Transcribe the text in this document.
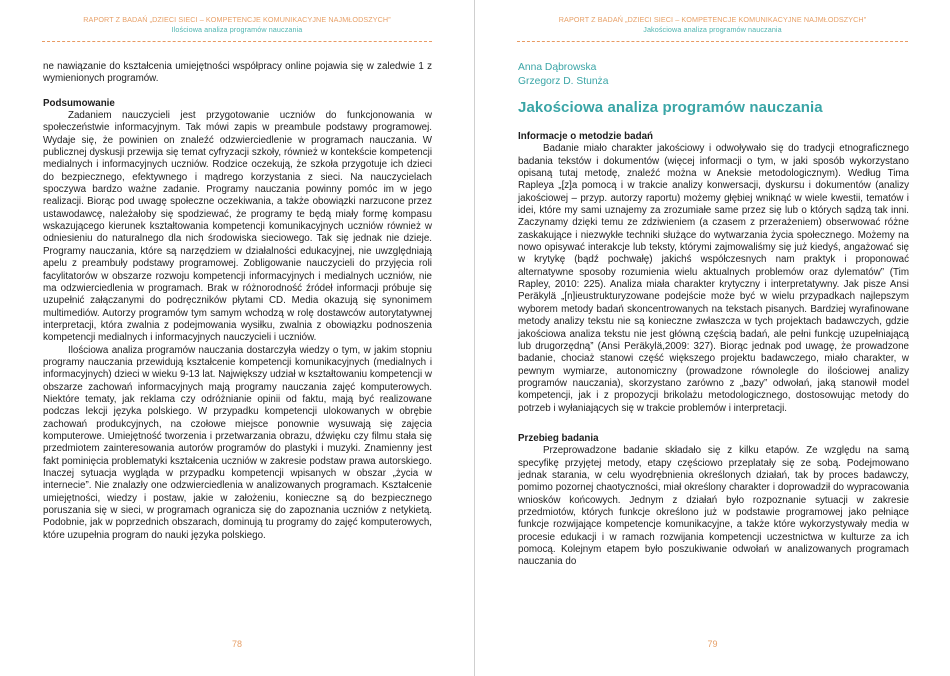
RAPORT Z BADAŃ „DZIECI SIECI – KOMPETENCJE KOMUNIKACYJNE NAJMŁODSZYCH”
Ilościowa analiza programów nauczania

ne nawiązanie do kształcenia umiejętności współpracy online pojawia się w zaledwie 1 z wymienionych programów.

Podsumowanie

Zadaniem nauczycieli jest przygotowanie uczniów do funkcjonowania w społeczeństwie informacyjnym. Tak mówi zapis w preambule podstawy programowej. Wydaje się, że powinien on znaleźć odzwierciedlenie w programach nauczania. W publicznej dyskusji przewija się temat cyfryzacji szkoły, również w kontekście kompetencji medialnych i informacyjnych uczniów. Rodzice oczekują, że szkoła przygotuje ich dzieci do bezpiecznego, efektywnego i mądrego korzystania z sieci. Na nauczycielach spoczywa bardzo ważne zadanie. Programy nauczania powinny pomóc im w jego realizacji. Biorąc pod uwagę społeczne oczekiwania, a także obowiązki narzucone przez ustawodawcę, należałoby się spodziewać, że programy te będą miały formę kompasu wskazującego kierunek kształtowania kompetencji komunikacyjnych uczniów również w odniesieniu do naturalnego dla nich środowiska sieciowego. Tak się jednak nie dzieje. Programy nauczania, które są narzędziem w działalności edukacyjnej, nie uwzględniają apelu z preambuły podstawy programowej. Zobligowanie nauczycieli do przyjęcia roli facylitatorów w obszarze rozwoju kompetencji informacyjnych i medialnych uczniów, nie ma odzwierciedlenia w programach. Brak w różnorodność źródeł informacji próbuje się uzupełnić załączanymi do podręczników płytami CD. Media okazują się synonimem multimediów. Autorzy programów tym samym wchodzą w rolę dostawców autorytatywnej interpretacji, która zwalnia z podejmowania wysiłku, zwalnia z obowiązku podnoszenia kompetencji medialnych i informacyjnych nauczycieli i uczniów.

Ilościowa analiza programów nauczania dostarczyła wiedzy o tym, w jakim stopniu programy nauczania przewidują kształcenie kompetencji komunikacyjnych (medialnych i informacyjnych) dzieci w wieku 9-13 lat. Największy udział w kształtowaniu kompetencji w obszarze zachowań informacyjnych mają programy nauczania zajęć komputerowych. Niektóre tematy, jak reklama czy odróżnianie opinii od faktu, mają być realizowane podczas lekcji języka polskiego. W przypadku kompetencji ulokowanych w obrębie zachowań produkcyjnych, na czołowe miejsce ponownie wysuwają się zajęcia komputerowe. Umiejętność tworzenia i przetwarzania obrazu, dźwięku czy filmu stała się przedmiotem zainteresowania autorów programów do plastyki i muzyki. Znamienny jest fakt pominięcia problematyki kształcenia uczniów w zakresie podstaw prawa autorskiego. Inaczej sytuacja wygląda w przypadku kompetencji wpisanych w obszar „życia w internecie”. Nie znalazły one odzwierciedlenia w analizowanych programach. Kształcenie umiejętności, wiedzy i postaw, jakie w założeniu, konieczne są do bezpiecznego poruszania się w sieci, w programach ogranicza się do zapoznania uczniów z netykietą. Podobnie, jak w poprzednich obszarach, dominują tu programy do zajęć komputerowych, które uzupełnia program do nauki języka polskiego.

78
RAPORT Z BADAŃ „DZIECI SIECI – KOMPETENCJE KOMUNIKACYJNE NAJMŁODSZYCH”
Jakościowa analiza programów nauczania

Anna Dąbrowska

Grzegorz D. Stunża

Jakościowa analiza programów nauczania

Informacje o metodzie badań

Badanie miało charakter jakościowy i odwoływało się do tradycji etnograficznego badania tekstów i dokumentów (więcej informacji o tym, w jaki sposób wykorzystano opisaną tutaj metodę, znaleźć można w Aneksie metodologicznym). Według Tima Rapleya „[z]a pomocą i w trakcie analizy konwersacji, dyskursu i dokumentów (analizy jakościowej – przyp. autorzy raportu) możemy głębiej wniknąć w wiele kwestii, tematów i idei, które my sami uznajemy za zrozumiałe same przez się lub o których sądzą tak inni. Zaczynamy dzięki temu ze zdziwieniem (a czasem z przerażeniem) obserwować różne zaskakujące i niezwykłe techniki służące do wytwarzania życia społecznego. Możemy na nowo opisywać interakcje lub teksty, którymi zajmowaliśmy się już kiedyś, angażować się w krytykę (bądź pochwałę) jakichś współczesnych nam praktyk i proponować alternatywne sposoby rozumienia wielu aktualnych problemów oraz dylematów” (Tim Rapley, 2010: 225). Analiza miała charakter krytyczny i interpretatywny. Jak pisze Ansi Perӓkylӓ „[n]ieustrukturyzowane podejście może być w wielu przypadkach najlepszym wyborem metody badań skoncentrowanych na tekstach pisanych. Bardziej wyrafinowane metody analizy tekstu nie są konieczne zwłaszcza w tych projektach badawczych, gdzie jakościowa analiza tekstu nie jest główną częścią badań, ale pełni funkcję uzupełniającą lub drugorzędną” (Ansi Perӓkylӓ,2009: 327). Biorąc jednak pod uwagę, że prowadzone badanie, chociaż stanowi część większego projektu badawczego, miało charakter, w pewnym wymiarze, autonomiczny (prowadzone równolegle do ilościowej analizy programów nauczania), skorzystano zarówno z „bazy” odwołań, jaką stanowił model kompetencji, jak i z propozycji brikolażu metodologicznego, dostosowując metody do potrzeb i wyłaniających się w trakcie problemów i interpretacji.

Przebieg badania

Przeprowadzone badanie składało się z kilku etapów. Ze względu na samą specyfikę przyjętej metody, etapy częściowo przeplatały się ze sobą. Podejmowano jednak starania, w celu wyodrębnienia określonych działań, tak by proces badawczy, pomimo pozornej chaotyczności, miał określony charakter i doprowadził do wypracowania wniosków końcowych. Jednym z działań było rozpoznanie sytuacji w zakresie przedmiotów, których funkcje określono już w podstawie programowej jako pełniące funkcje rozwijające kompetencje komunikacyjne, a także które wykorzystywały media w procesie edukacji i w ramach rozwijania kompetencji uczestnictwa w kulturze za ich pomocą. Kolejnym etapem było poszukiwanie odwołań w analizowanych programach nauczania do

79
